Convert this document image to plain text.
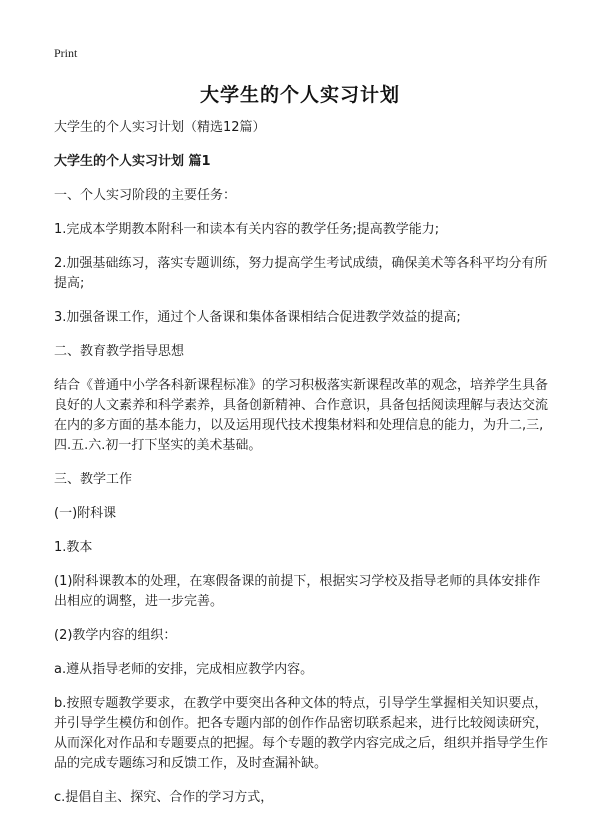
Print
大学生的个人实习计划

大学生的个人实习计划（精选12篇）

大学生的个人实习计划 篇1

一、个人实习阶段的主要任务：

1.完成本学期教本附科一和读本有关内容的教学任务;提高教学能力;

2.加强基础练习，落实专题训练，努力提高学生考试成绩，确保美术等各科平均分有所提高;

3.加强备课工作，通过个人备课和集体备课相结合促进教学效益的提高;

二、教育教学指导思想

结合《普通中小学各科新课程标准》的学习积极落实新课程改革的观念，培养学生具备良好的人文素养和科学素养，具备创新精神、合作意识，具备包括阅读理解与表达交流在内的多方面的基本能力，以及运用现代技术搜集材料和处理信息的能力，为升二,三,四.五.六.初一打下坚实的美术基础。

三、教学工作

(一)附科课

1.教本

(1)附科课教本的处理，在寒假备课的前提下，根据实习学校及指导老师的具体安排作出相应的调整，进一步完善。

(2)教学内容的组织：

a.遵从指导老师的安排，完成相应教学内容。

b.按照专题教学要求，在教学中要突出各种文体的特点，引导学生掌握相关知识要点，并引导学生模仿和创作。把各专题内部的创作作品密切联系起来，进行比较阅读研究，从而深化对作品和专题要点的把握。每个专题的教学内容完成之后，组织并指导学生作品的完成专题练习和反馈工作，及时查漏补缺。

c.提倡自主、探究、合作的学习方式，
